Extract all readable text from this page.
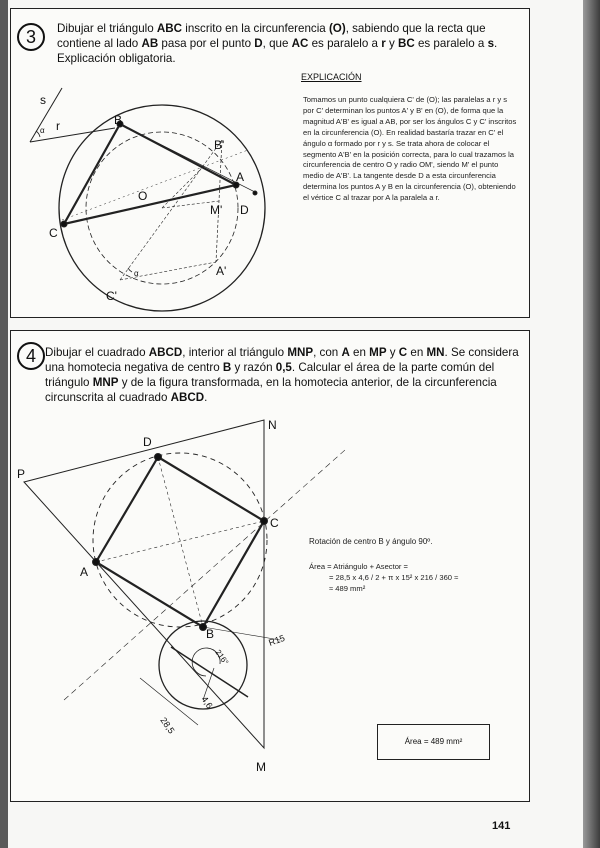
3	Dibujar el triángulo ABC inscrito en la circunferencia (O), sabiendo que la recta que contiene al lado AB pasa por el punto D, que AC es paralelo a r y BC es paralelo a s. Explicación obligatoria.
EXPLICACIÓN
Tomamos un punto cualquiera C' de (O); las paralelas a r y s por C' determinan los puntos A' y B' en (O), de forma que la magnitud A'B' es igual a AB, por ser los ángulos C y C' inscritos en la circunferencia (O). En realidad bastaría trazar en C' el ángulo α formado por r y s. Se trata ahora de colocar el segmento A'B' en la posición correcta, para lo cual trazamos la circunferencia de centro O y radio OM', siendo M' el punto medio de A'B'. La tangente desde D a esta circunferencia determina los puntos A y B en la circunferencia (O), obteniendo el vértice C al trazar por A la paralela a r.
4 Dibujar el cuadrado ABCD, interior al triángulo MNP, con A en MP y C en MN. Se considera una homotecia negativa de centro B y razón 0,5. Calcular el área de la parte común del triángulo MNP y de la figura transformada, en la homotecia anterior, de la circunferencia circunscrita al cuadrado ABCD.
Rotación de centro B y ángulo 90º.
Área = Atriángulo + Asector =
= 28,5 x 4,6 / 2 + π x 15² x 216 / 360 ≈
≈ 489 mm²
Área = 489 mm²
s
r
α
α
B
B'
A
O
M' D
C
A'
C'
N
D
P
C
A
B
M
R15
216°
28,5
4,6
141
